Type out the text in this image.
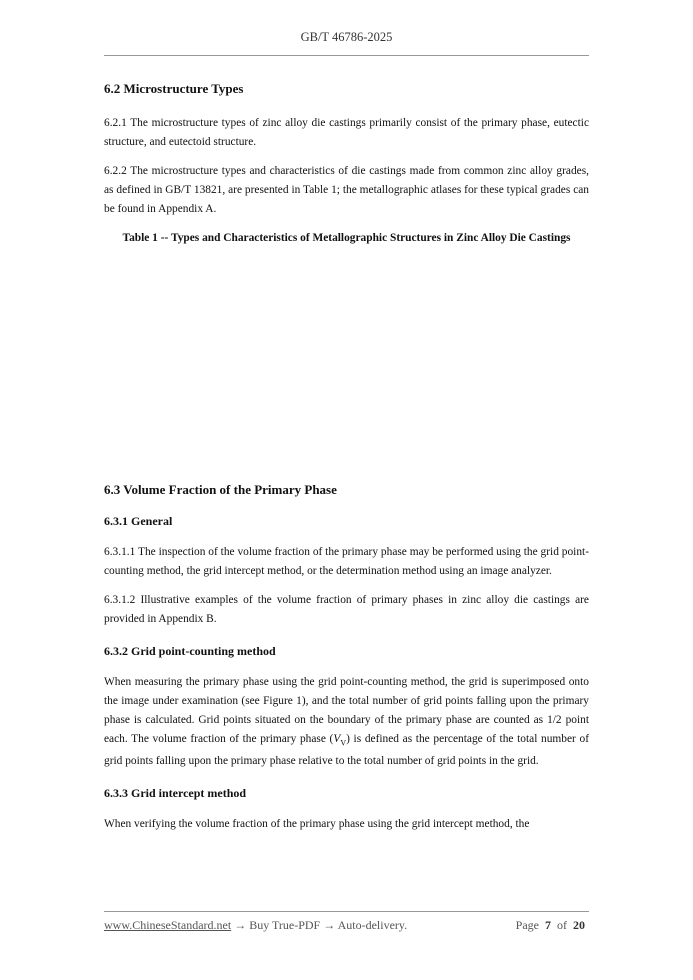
GB/T 46786-2025
6.2 Microstructure Types

6.2.1 The microstructure types of zinc alloy die castings primarily consist of the primary phase, eutectic structure, and eutectoid structure.

6.2.2 The microstructure types and characteristics of die castings made from common zinc alloy grades, as defined in GB/T 13821, are presented in Table 1; the metallographic atlases for these typical grades can be found in Appendix A.

Table 1 -- Types and Characteristics of Metallographic Structures in Zinc Alloy Die Castings

6.3 Volume Fraction of the Primary Phase
6.3.1 General

6.3.1.1 The inspection of the volume fraction of the primary phase may be performed using the grid point-counting method, the grid intercept method, or the determination method using an image analyzer.

6.3.1.2 Illustrative examples of the volume fraction of primary phases in zinc alloy die castings are provided in Appendix B.

6.3.2 Grid point-counting method

When measuring the primary phase using the grid point-counting method, the grid is superimposed onto the image under examination (see Figure 1), and the total number of grid points falling upon the primary phase is calculated. Grid points situated on the boundary of the primary phase are counted as 1/2 point each. The volume fraction of the primary phase $(V_V)$ is defined as the percentage of the total number of grid points falling upon the primary phase relative to the total number of grid points in the grid.

6.3.3 Grid intercept method

When verifying the volume fraction of the primary phase using the grid intercept method, the

www.ChineseStandard.net → Buy True-PDF → Auto-delivery.	Page 7 of 20
